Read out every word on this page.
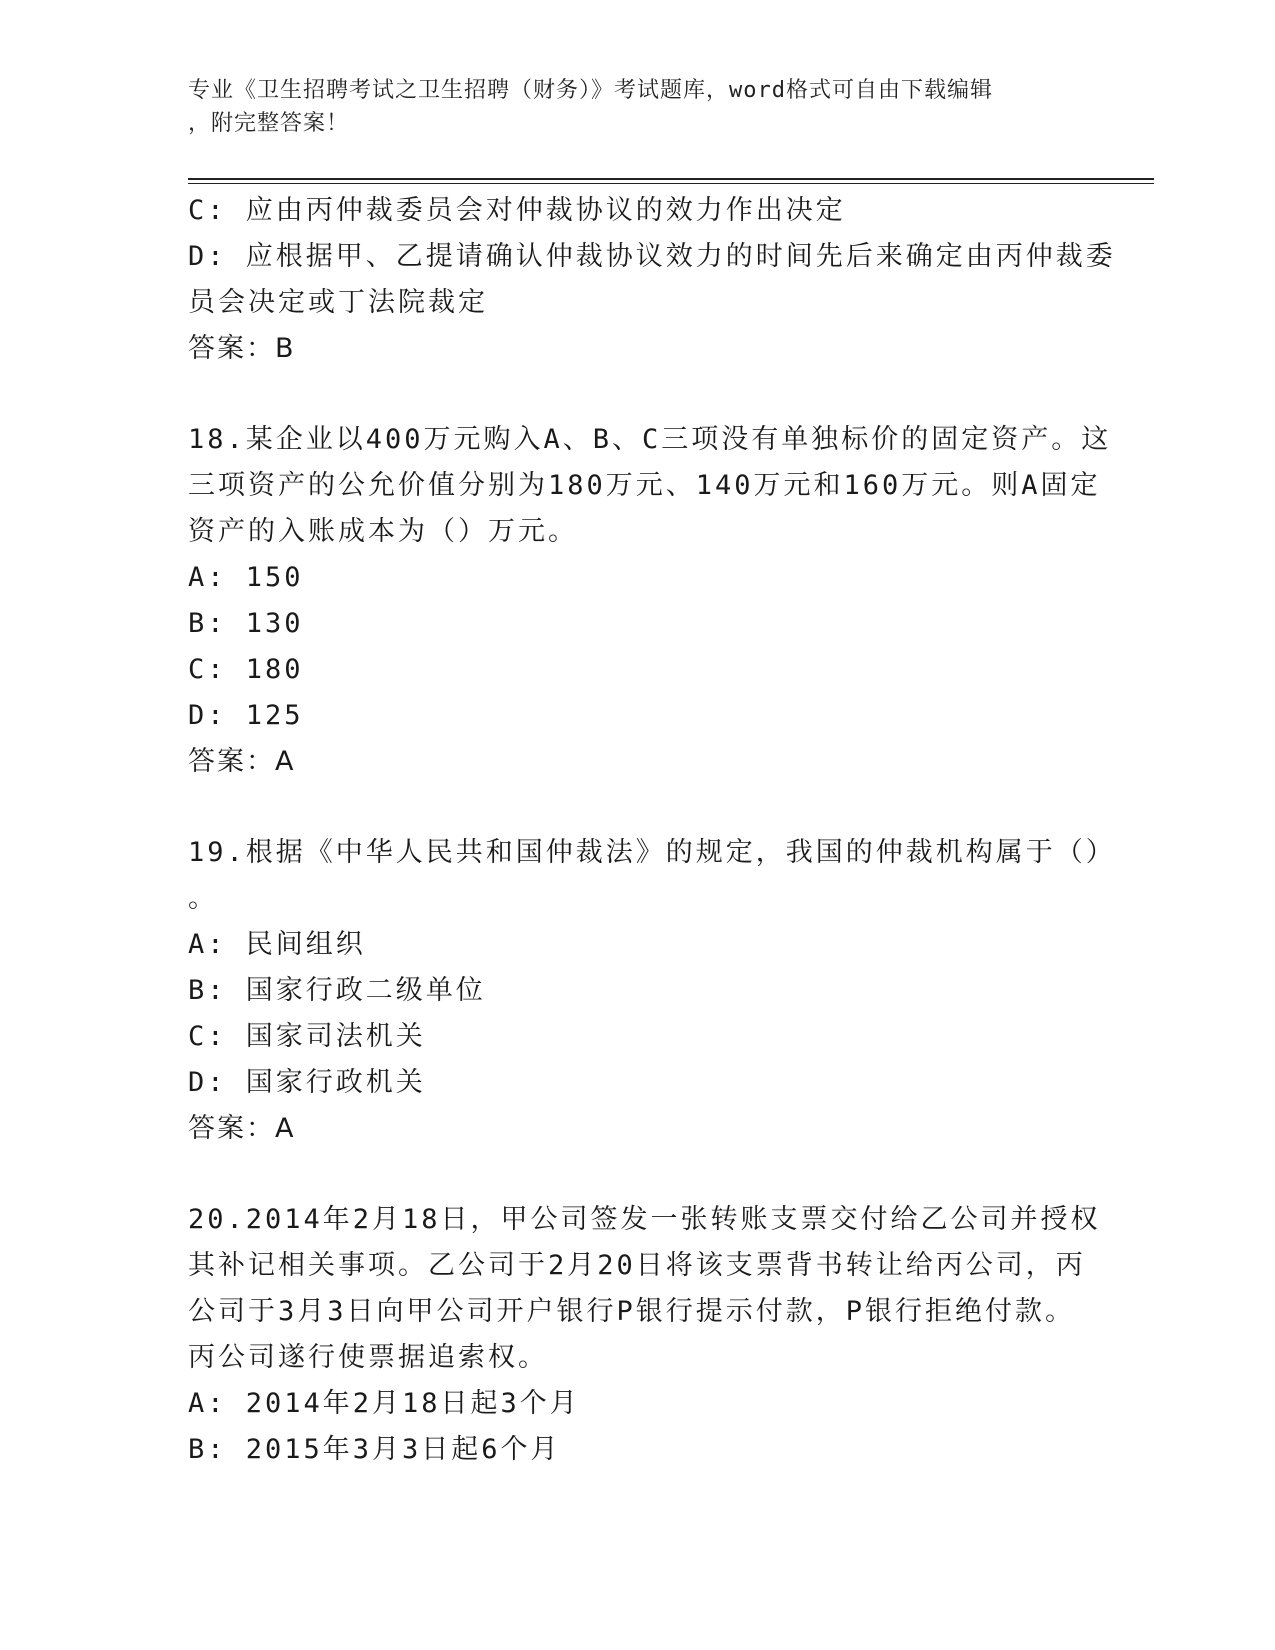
专业《卫生招聘考试之卫生招聘（财务）》考试题库，word格式可自由下载编辑
，附完整答案！
C: 应由丙仲裁委员会对仲裁协议的效力作出决定
D: 应根据甲、乙提请确认仲裁协议效力的时间先后来确定由丙仲裁委
员会决定或丁法院裁定
答案：B
18.某企业以400万元购入A、B、C三项没有单独标价的固定资产。这
三项资产的公允价值分别为180万元、140万元和160万元。则A固定
资产的入账成本为（）万元。
A: 150
B: 130
C: 180
D: 125
答案：A
19.根据《中华人民共和国仲裁法》的规定，我国的仲裁机构属于（）
。
A: 民间组织
B: 国家行政二级单位
C: 国家司法机关
D: 国家行政机关
答案：A
20.2014年2月18日，甲公司签发一张转账支票交付给乙公司并授权
其补记相关事项。乙公司于2月20日将该支票背书转让给丙公司，丙
公司于3月3日向甲公司开户银行P银行提示付款，P银行拒绝付款。
丙公司遂行使票据追索权。
A: 2014年2月18日起3个月
B: 2015年3月3日起6个月
